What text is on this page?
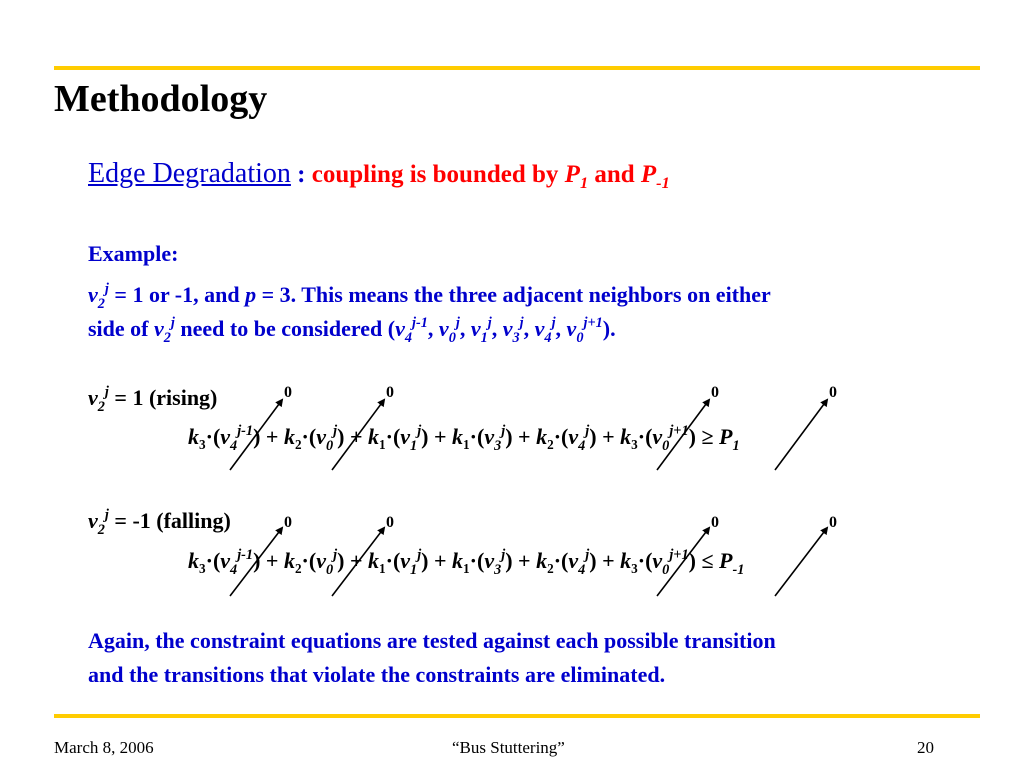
Methodology
Edge Degradation : coupling is bounded by $P_1$ and $P_{-1}$
Example:
$v_2^j = 1$ or -1, and p = 3. This means the three adjacent neighbors on either
side of $v_2^j$ need to be considered ($v_4^{j-1}$, $v_0^j$, $v_1^j$, $v_3^j$, $v_4^j$, $v_0^{j+1}$).
$v_2^j = 1$ (rising)	0	0	0	0
$k_3\cdot(v_4^{j-1}) + k_2\cdot(v_0^j) + k_1\cdot(v_1^j) + k_1\cdot(v_3^j) + k_2\cdot(v_4^j) + k_3\cdot(v_0^{j+1}) \ge P_1$
$v_2^j = -1$ (falling)	0	0	0	0
$k_3\cdot(v_4^{j-1}) + k_2\cdot(v_0^j) + k_1\cdot(v_1^j) + k_1\cdot(v_3^j) + k_2\cdot(v_4^j) + k_3\cdot(v_0^{j+1}) \le P_{-1}$
Again, the constraint equations are tested against each possible transition
and the transitions that violate the constraints are eliminated.
March 8, 2006	“Bus Stuttering”	20
